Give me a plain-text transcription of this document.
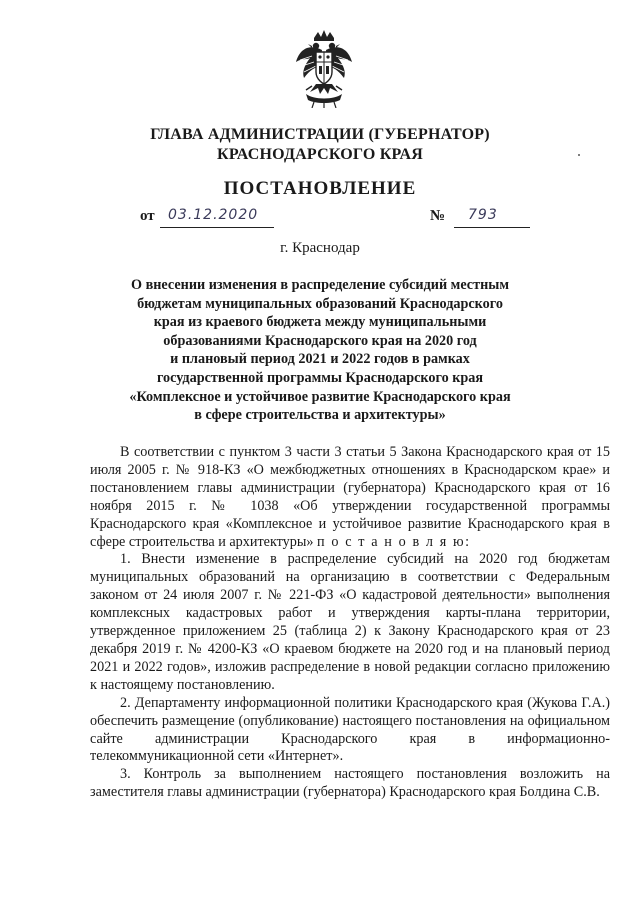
ГЛАВА АДМИНИСТРАЦИИ (ГУБЕРНАТОР)
КРАСНОДАРСКОГО КРАЯ
ПОСТАНОВЛЕНИЕ
от 03.12.2020	№ 793
г. Краснодар
О внесении изменения в распределение субсидий местным
бюджетам муниципальных образований Краснодарского
края из краевого бюджета между муниципальными
образованиями Краснодарского края на 2020 год
и плановый период 2021 и 2022 годов в рамках
государственной программы Краснодарского края
«Комплексное и устойчивое развитие Краснодарского края
в сфере строительства и архитектуры»

В соответствии с пунктом 3 части 3 статьи 5 Закона Краснодарского края от 15 июля 2005 г. № 918-КЗ «О межбюджетных отношениях в Краснодарском крае» и постановлением главы администрации (губернатора) Краснодарского края от 16 ноября 2015 г. № 1038 «Об утверждении государственной программы Краснодарского края «Комплексное и устойчивое развитие Краснодарского края в сфере строительства и архитектуры» п о с т а н о в л я ю:

1. Внести изменение в распределение субсидий на 2020 год бюджетам муниципальных образований на организацию в соответствии с Федеральным законом от 24 июля 2007 г. № 221-ФЗ «О кадастровой деятельности» выполнения комплексных кадастровых работ и утверждения карты-плана территории, утвержденное приложением 25 (таблица 2) к Закону Краснодарского края от 23 декабря 2019 г. № 4200-КЗ «О краевом бюджете на 2020 год и на плановый период 2021 и 2022 годов», изложив распределение в новой редакции согласно приложению к настоящему постановлению.

2. Департаменту информационной политики Краснодарского края (Жукова Г.А.) обеспечить размещение (опубликование) настоящего постановления на официальном сайте администрации Краснодарского края в информационно-телекоммуникационной сети «Интернет».

3. Контроль за выполнением настоящего постановления возложить на заместителя главы администрации (губернатора) Краснодарского края Болдина С.В.
